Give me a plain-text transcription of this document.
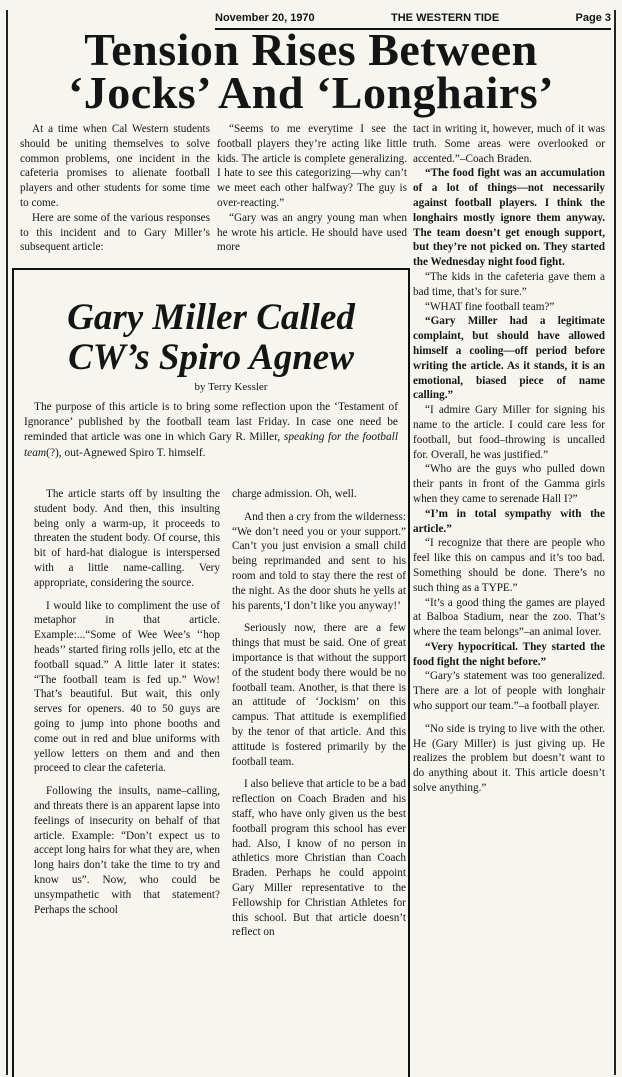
November 20, 1970	THE WESTERN TIDE	Page 3
Tension Rises Between
‘Jocks’ And ‘Longhairs’

At a time when Cal Western students should be uniting themselves to solve common problems, one incident in the cafeteria promises to alienate football players and other students for some time to come.

Here are some of the various responses to this incident and to Gary Miller’s subsequent article:

“Seems to me everytime I see the football players they’re acting like little kids. The article is complete generalizing. I hate to see this categorizing—why can’t we meet each other halfway? The guy is over-reacting.”

“Gary was an angry young man when he wrote his article. He should have used more

tact in writing it, however, much of it was truth. Some areas were overlooked or accented.”–Coach Braden.

“The food fight was an accumulation of a lot of things—not necessarily against football players. I think the longhairs mostly ignore them anyway. The team doesn’t get enough support, but they’re not picked on. They started the Wednesday night food fight.

“The kids in the cafeteria gave them a bad time, that’s for sure.”

“WHAT fine football team?”

“Gary Miller had a legitimate complaint, but should have allowed himself a cooling—off period before writing the article. As it stands, it is an emotional, biased piece of name calling.”

“I admire Gary Miller for signing his name to the article. I could care less for football, but food–throwing is uncalled for. Overall, he was justified.”

“Who are the guys who pulled down their pants in front of the Gamma girls when they came to serenade Hall I?”

“I’m in total sympathy with the article.”

“I recognize that there are people who feel like this on campus and it’s too bad. Something should be done. There’s no such thing as a TYPE.”

“It’s a good thing the games are played at Balboa Stadium, near the zoo. That’s where the team belongs”–an animal lover.

“Very hypocritical. They started the food fight the night before.”

“Gary’s statement was too generalized. There are a lot of people with longhair who support our team.”–a football player.

“No side is trying to live with the other. He (Gary Miller) is just giving up. He realizes the problem but doesn’t want to do anything about it. This article doesn’t solve anything.”

Gary Miller Called
CW’s Spiro Agnew
by Terry Kessler

The purpose of this article is to bring some reflection upon the ‘Testament of Ignorance’ published by the football team last Friday. In case one need be reminded that article was one in which Gary R. Miller, speaking for the football team(?), out-Agnewed Spiro T. himself.

The article starts off by insulting the student body. And then, this insulting being only a warm-up, it proceeds to threaten the student body. Of course, this bit of hard-hat dialogue is interspersed with a little name-calling. Very appropriate, considering the source.

I would like to compliment the use of metaphor in that article. Example:...“Some of Wee Wee’s ‘‘hop heads’’ started firing rolls jello, etc at the football squad.” A little later it states: “The football team is fed up.” Wow! That’s beautiful. But wait, this only serves for openers. 40 to 50 guys are going to jump into phone booths and come out in red and blue uniforms with yellow letters on them and and then proceed to clear the cafeteria.

Following the insults, name–calling, and threats there is an apparent lapse into feelings of insecurity on behalf of that article. Example: “Don’t expect us to accept long hairs for what they are, when long hairs don’t take the time to try and know us”. Now, who could be unsympathetic with that statement? Perhaps the school

charge admission. Oh, well.

And then a cry from the wilderness: “We don’t need you or your support.” Can’t you just envision a small child being reprimanded and sent to his room and told to stay there the rest of the night. As the door shuts he yells at his parents,‘I don’t like you anyway!’

Seriously now, there are a few things that must be said. One of great importance is that without the support of the student body there would be no football team. Another, is that there is an attitude of ‘Jockism’ on this campus. That attitude is exemplified by the tenor of that article. And this attitude is fostered primarily by the football team.

I also believe that article to be a bad reflection on Coach Braden and his staff, who have only given us the best football program this school has ever had. Also, I know of no person in athletics more Christian than Coach Braden. Perhaps he could appoint Gary Miller representative to the Fellowship for Christian Athletes for this school. But that article doesn’t reflect on
